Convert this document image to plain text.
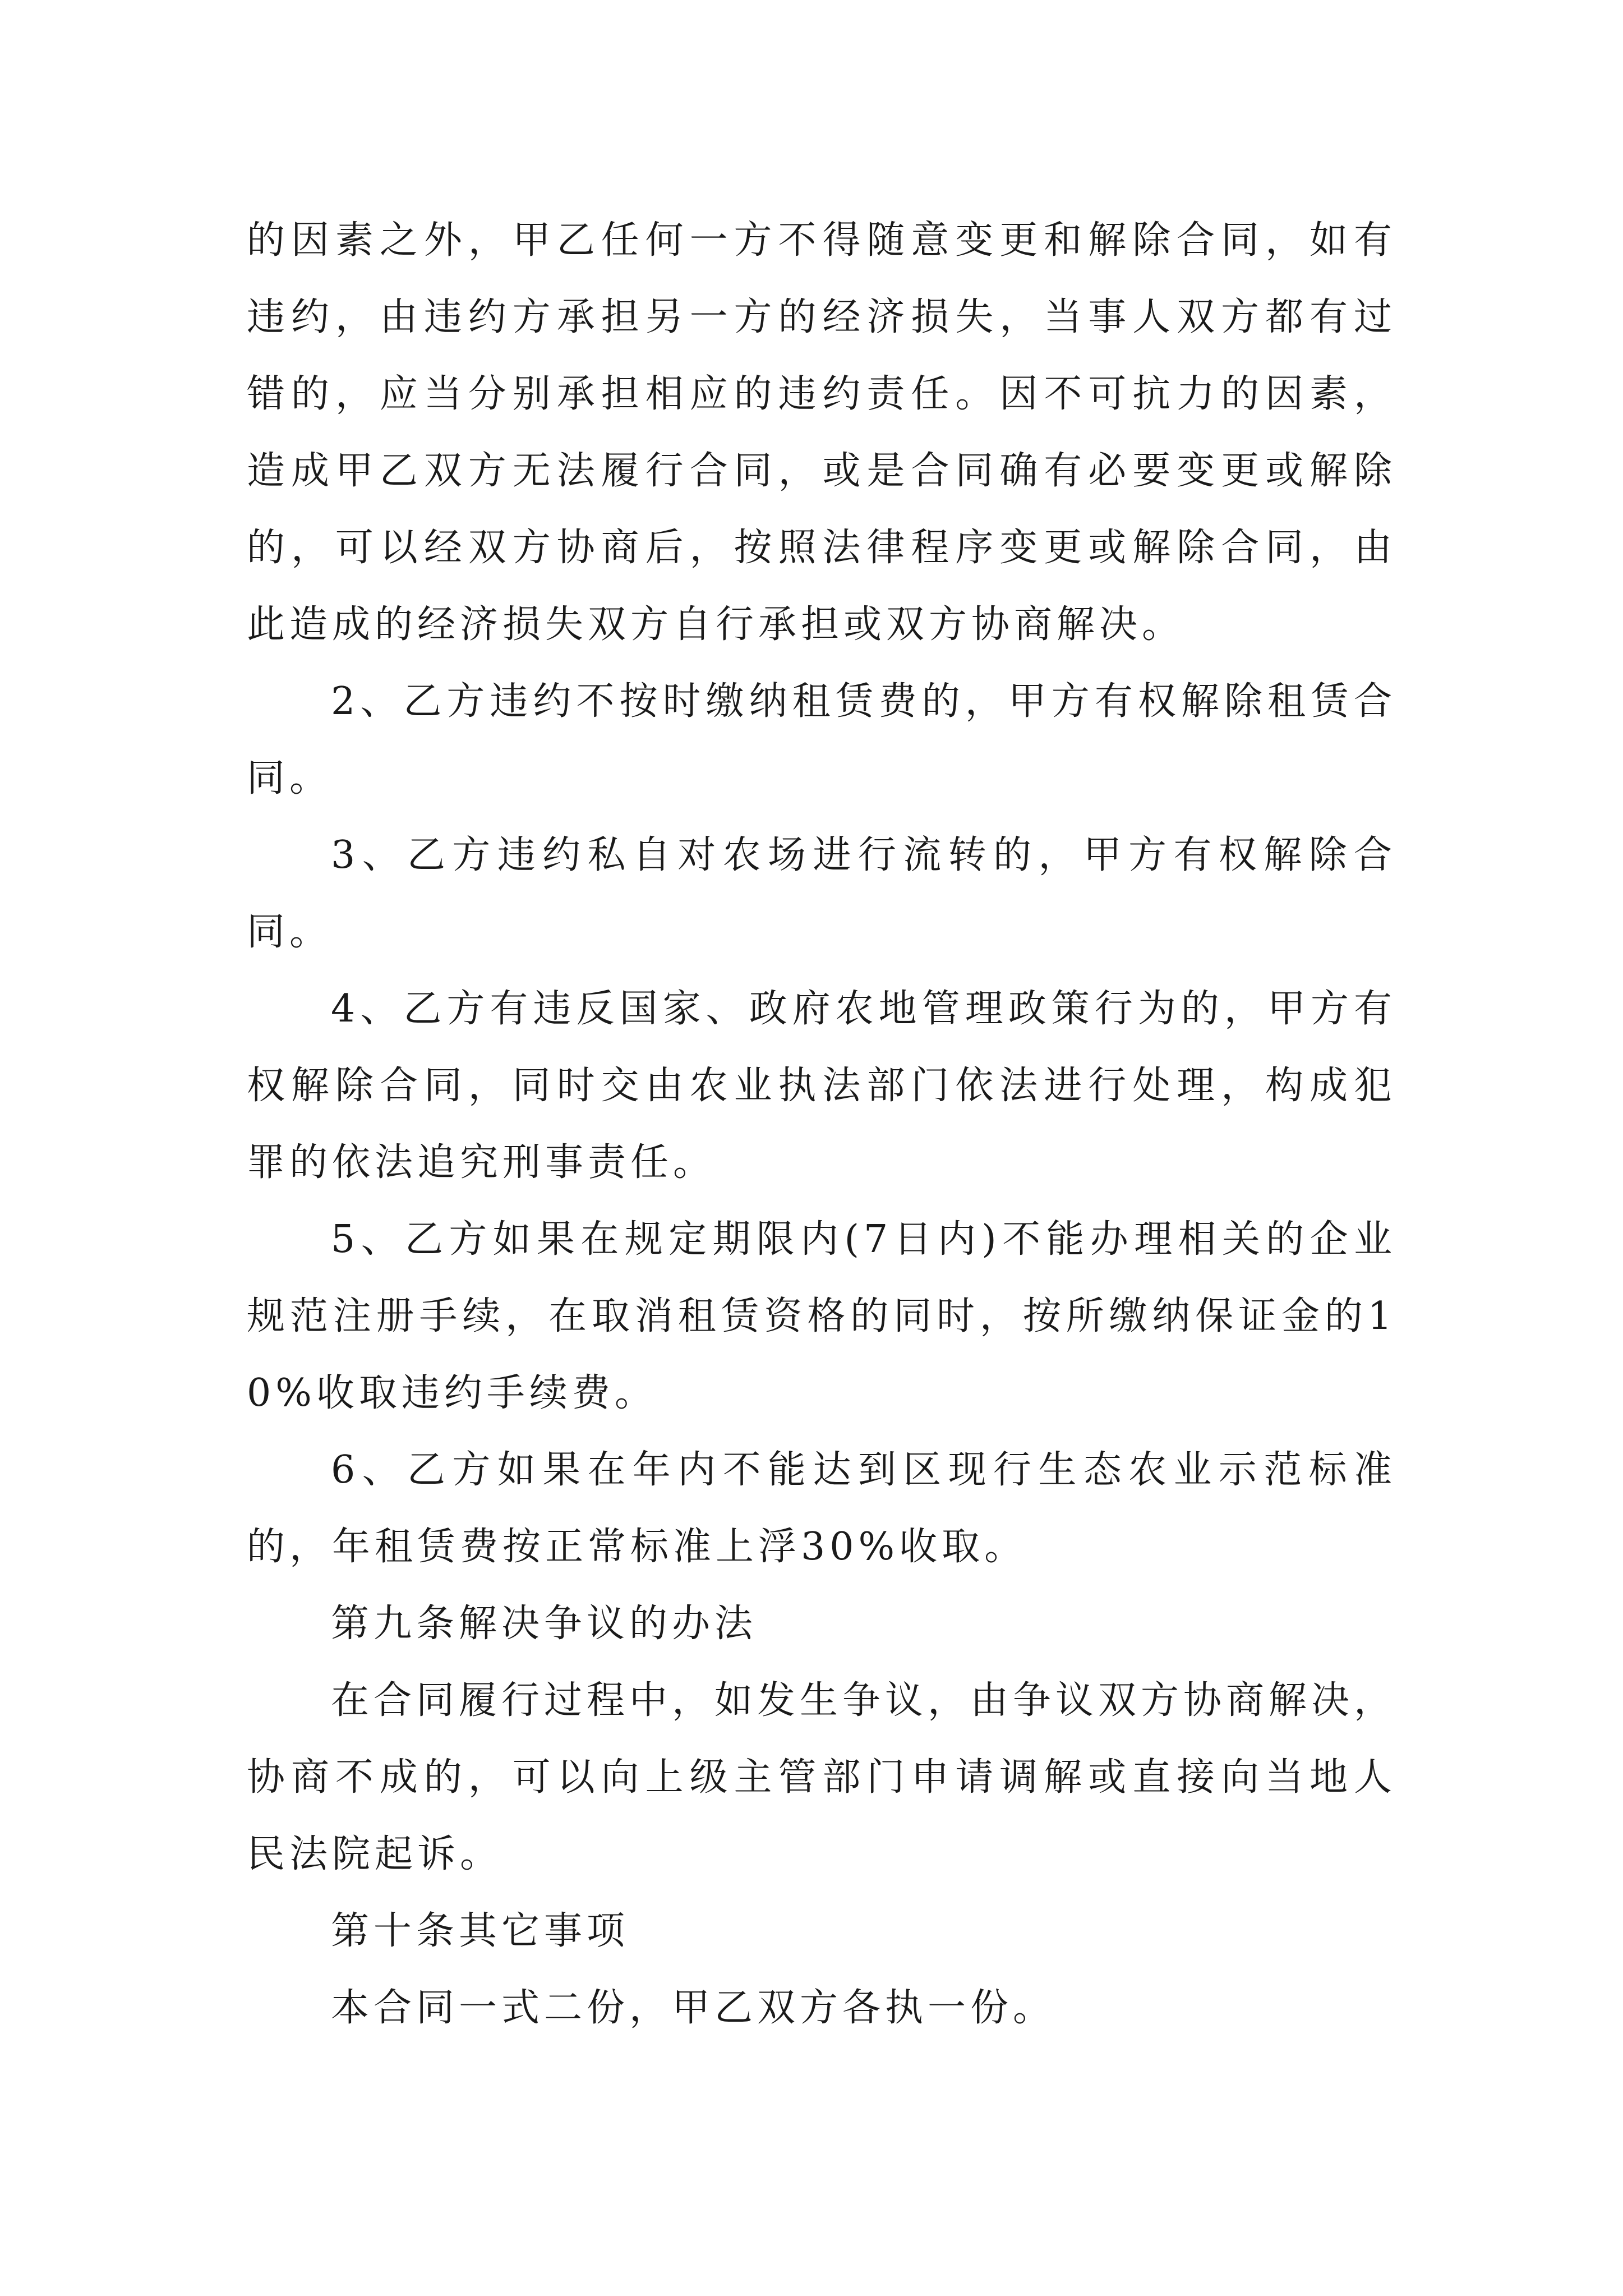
的因素之外，甲乙任何一方不得随意变更和解除合同，如有违约，由违约方承担另一方的经济损失，当事人双方都有过错的，应当分别承担相应的违约责任。因不可抗力的因素，造成甲乙双方无法履行合同，或是合同确有必要变更或解除的，可以经双方协商后，按照法律程序变更或解除合同，由此造成的经济损失双方自行承担或双方协商解决。

2、乙方违约不按时缴纳租赁费的，甲方有权解除租赁合同。

3、乙方违约私自对农场进行流转的，甲方有权解除合同。

4、乙方有违反国家、政府农地管理政策行为的，甲方有权解除合同，同时交由农业执法部门依法进行处理，构成犯罪的依法追究刑事责任。

5、乙方如果在规定期限内(7日内)不能办理相关的企业规范注册手续，在取消租赁资格的同时，按所缴纳保证金的10%收取违约手续费。

6、乙方如果在年内不能达到区现行生态农业示范标准的，年租赁费按正常标准上浮30%收取。

第九条解决争议的办法

在合同履行过程中，如发生争议，由争议双方协商解决，协商不成的，可以向上级主管部门申请调解或直接向当地人民法院起诉。

第十条其它事项

本合同一式二份，甲乙双方各执一份。
